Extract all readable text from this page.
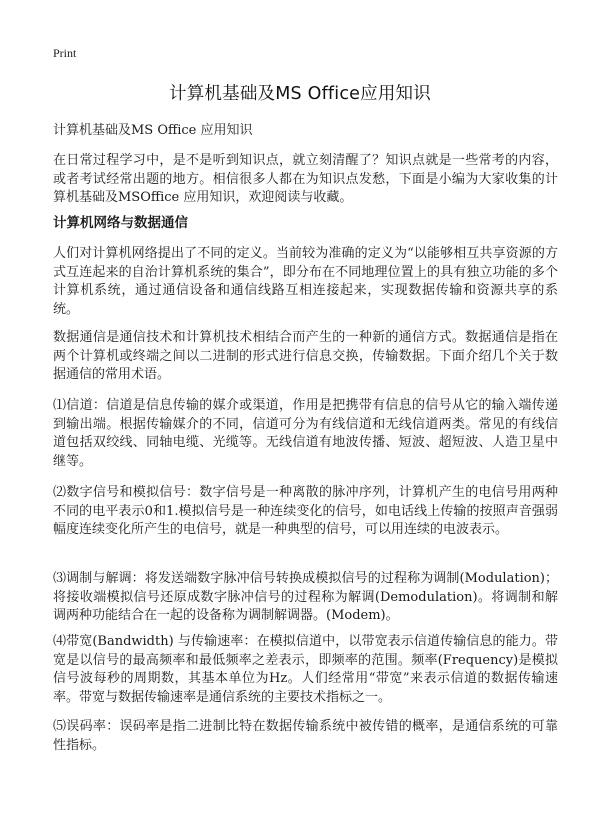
Print
计算机基础及MS Office应用知识
计算机基础及MS Office 应用知识

在日常过程学习中，是不是听到知识点，就立刻清醒了？知识点就是一些常考的内容，或者考试经常出题的地方。相信很多人都在为知识点发愁，下面是小编为大家收集的计算机基础及MSOffice 应用知识，欢迎阅读与收藏。

计算机网络与数据通信

人们对计算机网络提出了不同的定义。当前较为准确的定义为“以能够相互共享资源的方式互连起来的自治计算机系统的集合”，即分布在不同地理位置上的具有独立功能的多个计算机系统，通过通信设备和通信线路互相连接起来，实现数据传输和资源共享的系统。

数据通信是通信技术和计算机技术相结合而产生的一种新的通信方式。数据通信是指在两个计算机或终端之间以二进制的形式进行信息交换，传输数据。下面介绍几个关于数据通信的常用术语。

⑴信道：信道是信息传输的媒介或渠道，作用是把携带有信息的信号从它的输入端传递到输出端。根据传输媒介的不同，信道可分为有线信道和无线信道两类。常见的有线信道包括双绞线、同轴电缆、光缆等。无线信道有地波传播、短波、超短波、人造卫星中继等。

⑵数字信号和模拟信号：数字信号是一种离散的脉冲序列，计算机产生的电信号用两种不同的电平表示0和1.模拟信号是一种连续变化的信号，如电话线上传输的按照声音强弱幅度连续变化所产生的电信号，就是一种典型的信号，可以用连续的电波表示。

⑶调制与解调：将发送端数字脉冲信号转换成模拟信号的过程称为调制(Modulation)；将接收端模拟信号还原成数字脉冲信号的过程称为解调(Demodulation)。将调制和解调两种功能结合在一起的设备称为调制解调器。(Modem)。

⑷带宽(Bandwidth) 与传输速率：在模拟信道中，以带宽表示信道传输信息的能力。带宽是以信号的最高频率和最低频率之差表示，即频率的范围。频率(Frequency)是模拟信号波每秒的周期数，其基本单位为Hz。人们经常用“带宽”来表示信道的数据传输速率。带宽与数据传输速率是通信系统的主要技术指标之一。

⑸误码率：误码率是指二进制比特在数据传输系统中被传错的概率，是通信系统的可靠性指标。
